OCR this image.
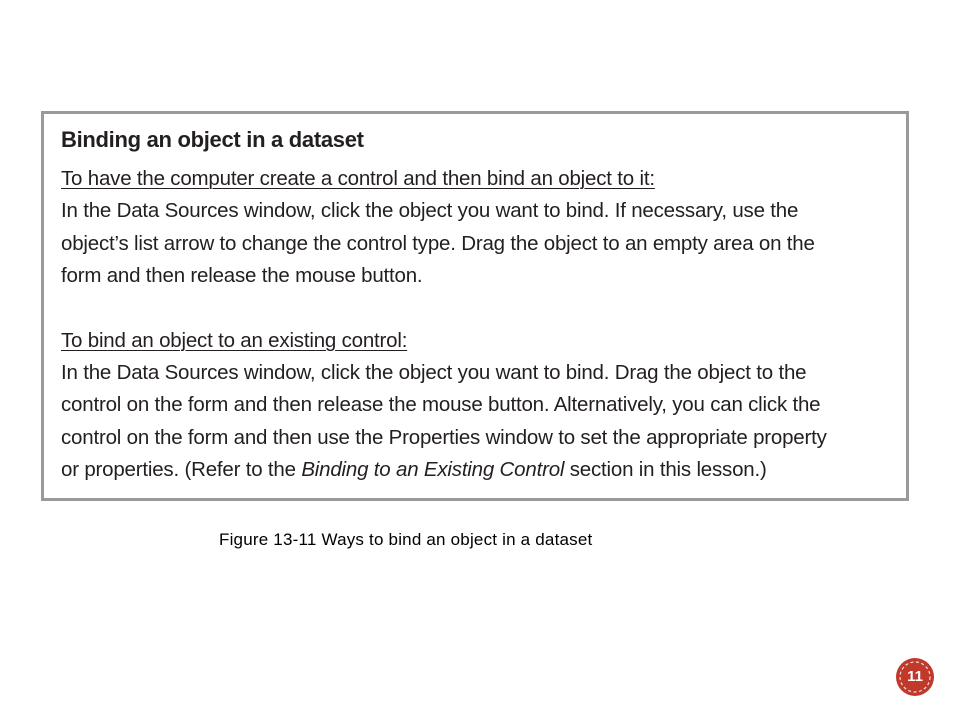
Binding an object in a dataset
To have the computer create a control and then bind an object to it:
In the Data Sources window, click the object you want to bind. If necessary, use the
object’s list arrow to change the control type. Drag the object to an empty area on the
form and then release the mouse button.
To bind an object to an existing control:
In the Data Sources window, click the object you want to bind. Drag the object to the
control on the form and then release the mouse button. Alternatively, you can click the
control on the form and then use the Properties window to set the appropriate property
or properties. (Refer to the Binding to an Existing Control section in this lesson.)
Figure 13-11 Ways to bind an object in a dataset
11
